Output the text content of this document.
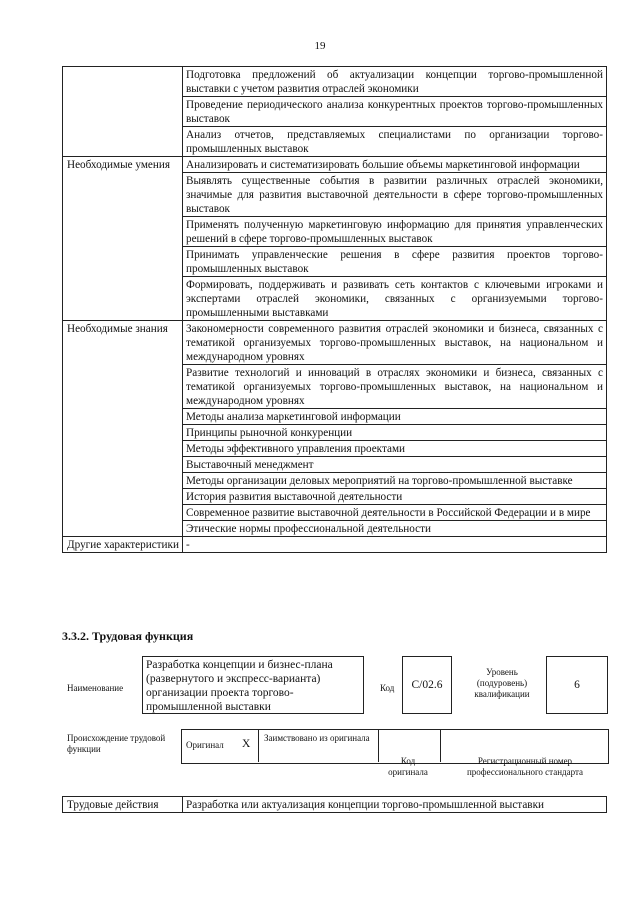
19
	Подготовка предложений об актуализации концепции торгово-промышленной выставки с учетом развития отраслей экономики
	Проведение периодического анализа конкурентных проектов торгово-промышленных выставок
	Анализ отчетов, представляемых специалистами по организации торгово-промышленных выставок
Необходимые умения	Анализировать и систематизировать большие объемы маркетинговой информации
	Выявлять существенные события в развитии различных отраслей экономики, значимые для развития выставочной деятельности в сфере торгово-промышленных выставок
	Применять полученную маркетинговую информацию для принятия управленческих решений в сфере торгово-промышленных выставок
	Принимать управленческие решения в сфере развития проектов торгово-промышленных выставок
	Формировать, поддерживать и развивать сеть контактов с ключевыми игроками и экспертами отраслей экономики, связанных с организуемыми торгово-промышленными выставками
Необходимые знания	Закономерности современного развития отраслей экономики и бизнеса, связанных с тематикой организуемых торгово-промышленных выставок, на национальном и международном уровнях
	Развитие технологий и инноваций в отраслях экономики и бизнеса, связанных с тематикой организуемых торгово-промышленных выставок, на национальном и международном уровнях
	Методы анализа маркетинговой информации
	Принципы рыночной конкуренции
	Методы эффективного управления проектами
	Выставочный менеджмент
	Методы организации деловых мероприятий на торгово-промышленной выставке
	История развития выставочной деятельности
	Современное развитие выставочной деятельности в Российской Федерации и в мире
	Этические нормы профессиональной деятельности
Другие характеристики	-
3.3.2. Трудовая функция
Наименование
Разработка концепции и бизнес-плана (развернутого и экспресс-варианта) организации проекта торгово-промышленной выставки
Код	C/02.6
Уровень (подуровень) квалификации
6
Происхождение трудовой функции	Оригинал X Заимствовано из оригинала
Код оригинала
Регистрационный номер профессионального стандарта
Трудовые действия	Разработка или актуализация концепции торгово-промышленной выставки
